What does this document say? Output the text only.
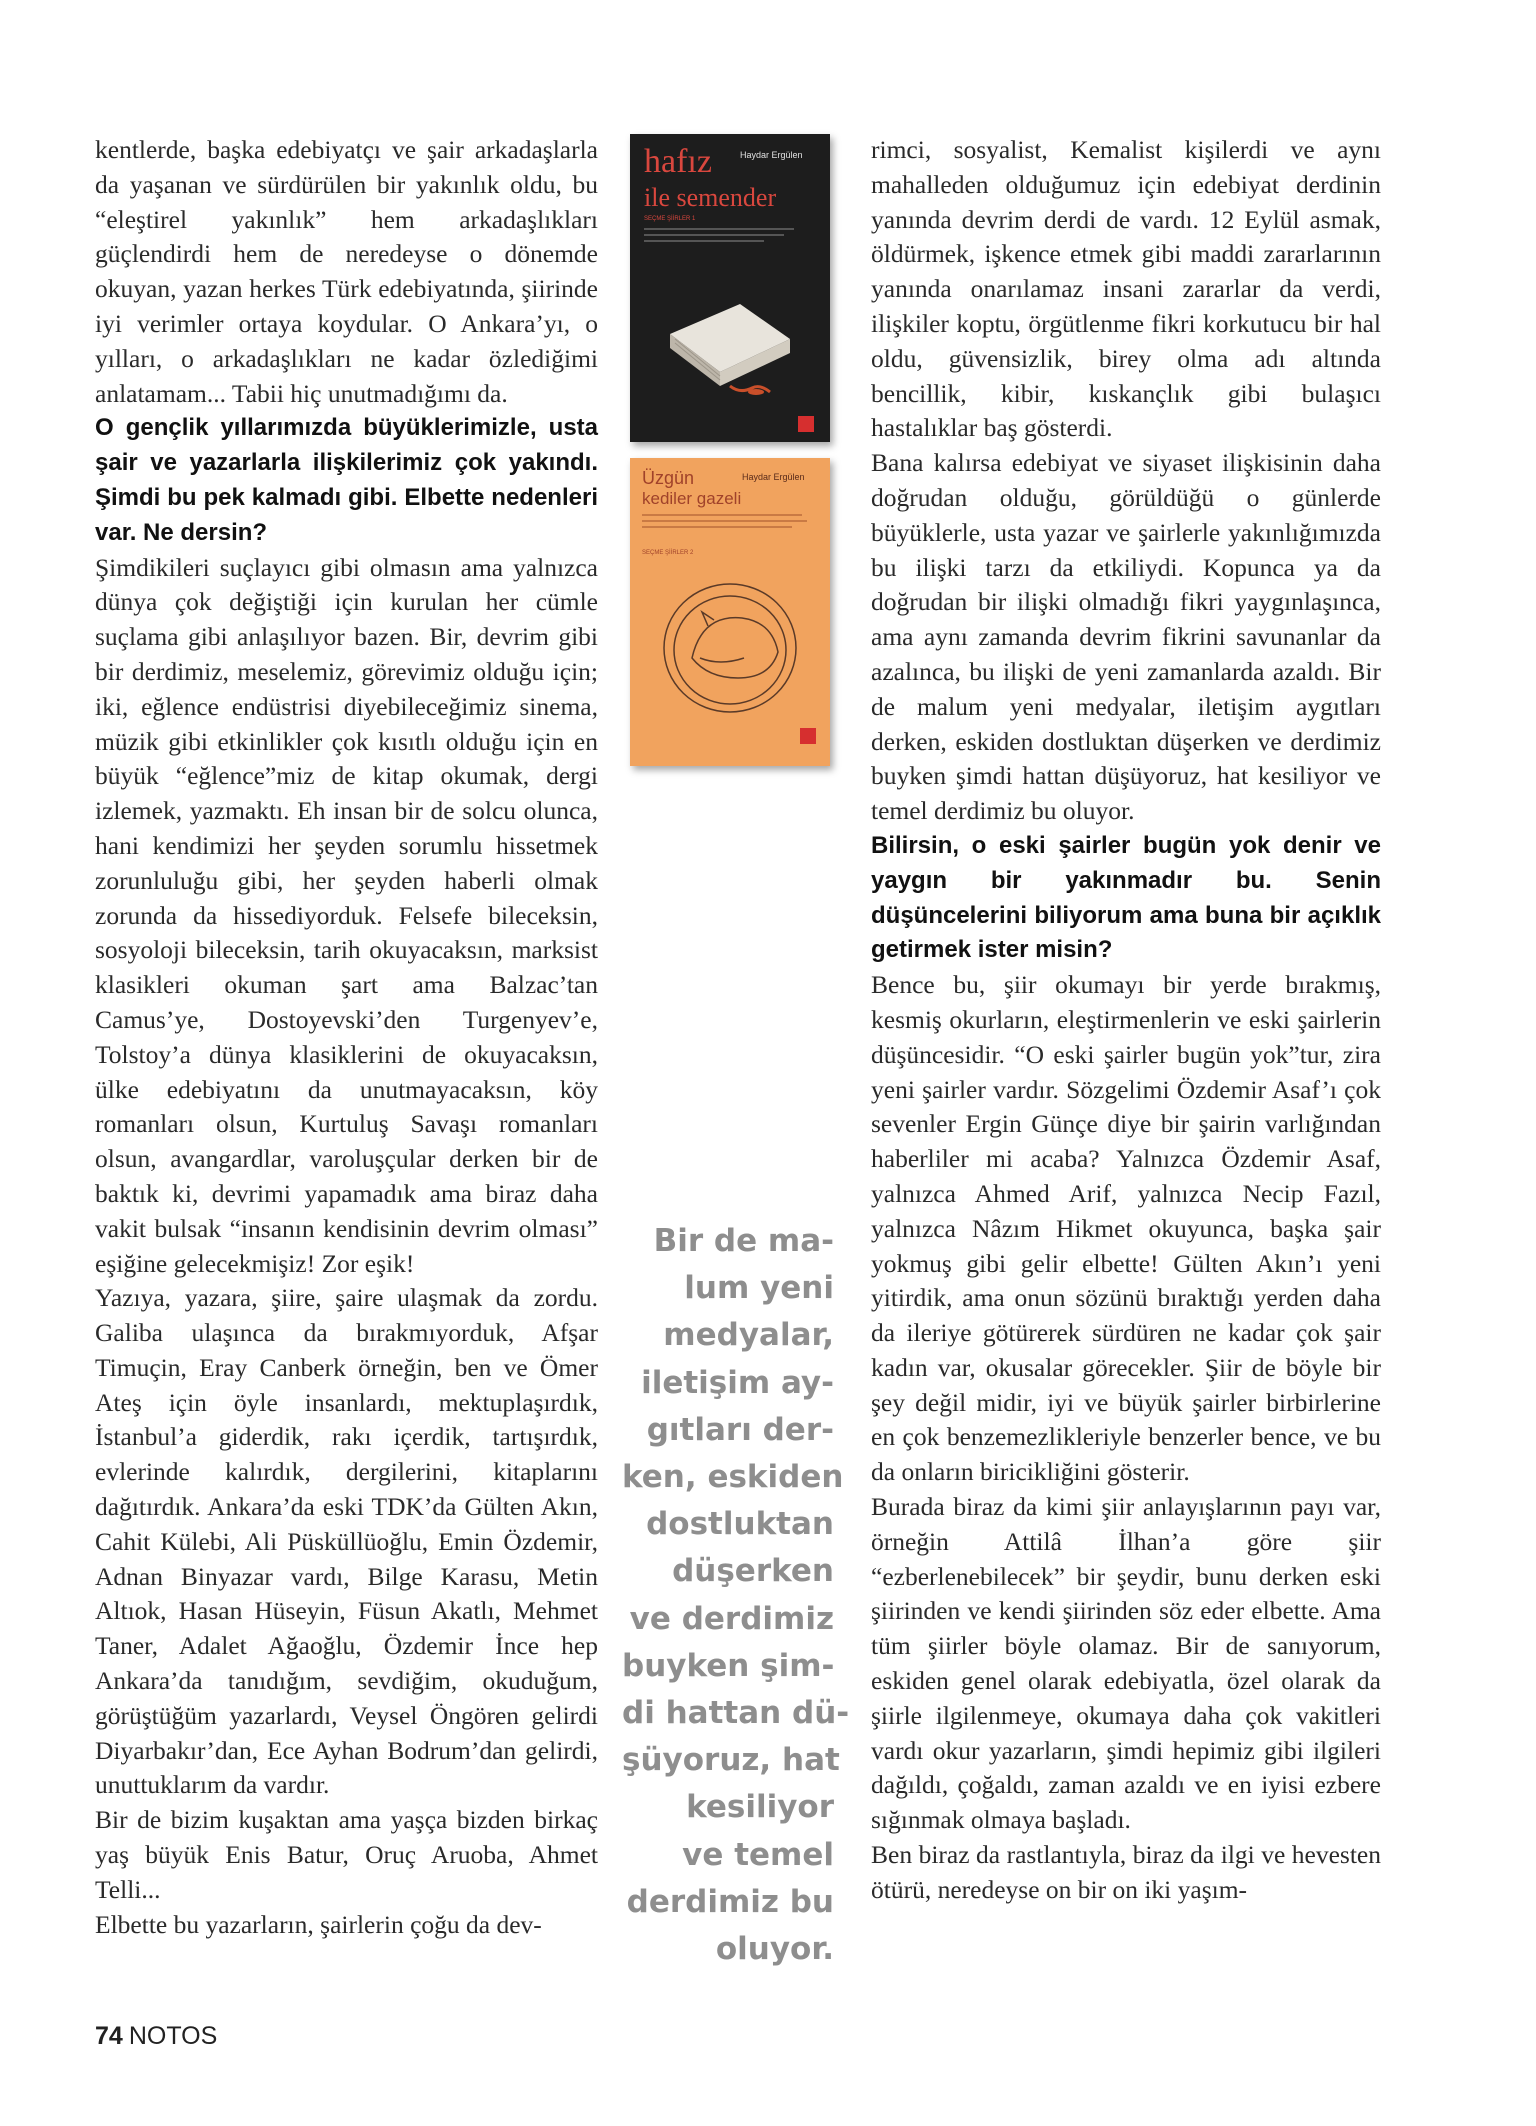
kentlerde, başka edebiyatçı ve şair arkadaşlarla da yaşanan ve sürdürülen bir yakınlık oldu, bu “eleştirel yakınlık” hem arkadaşlıkları güçlendirdi hem de neredeyse o dönemde okuyan, yazan herkes Türk edebiyatında, şiirinde iyi verimler ortaya koydular. O Ankara’yı, o yılları, o arkadaşlıkları ne kadar özlediğimi anlatamam... Tabii hiç unutmadığımı da.

O gençlik yıllarımızda büyüklerimizle, usta şair ve yazarlarla ilişkilerimiz çok yakındı. Şimdi bu pek kalmadı gibi. Elbette nedenleri var. Ne dersin?

Şimdikileri suçlayıcı gibi olmasın ama yalnızca dünya çok değiştiği için kurulan her cümle suçlama gibi anlaşılıyor bazen. Bir, devrim gibi bir derdimiz, meselemiz, görevimiz olduğu için; iki, eğlence endüstrisi diyebileceğimiz sinema, müzik gibi etkinlikler çok kısıtlı olduğu için en büyük “eğlence”miz de kitap okumak, dergi izlemek, yazmaktı. Eh insan bir de solcu olunca, hani kendimizi her şeyden sorumlu hissetmek zorunluluğu gibi, her şeyden haberli olmak zorunda da hissediyorduk. Felsefe bileceksin, sosyoloji bileceksin, tarih okuyacaksın, marksist klasikleri okuman şart ama Balzac’tan Camus’ye, Dostoyevski’den Turgenyev’e, Tolstoy’a dünya klasiklerini de okuyacaksın, ülke edebiyatını da unutmayacaksın, köy romanları olsun, Kurtuluş Savaşı romanları olsun, avangardlar, varoluşçular derken bir de baktık ki, devrimi yapamadık ama biraz daha vakit bulsak “insanın kendisinin devrim olması” eşiğine gelecekmişiz! Zor eşik!

Yazıya, yazara, şiire, şaire ulaşmak da zordu. Galiba ulaşınca da bırakmıyorduk, Afşar Timuçin, Eray Canberk örneğin, ben ve Ömer Ateş için öyle insanlardı, mektuplaşırdık, İstanbul’a giderdik, rakı içerdik, tartışırdık, evlerinde kalırdık, dergilerini, kitaplarını dağıtırdık. Ankara’da eski TDK’da Gülten Akın, Cahit Külebi, Ali Püsküllüoğlu, Emin Özdemir, Adnan Binyazar vardı, Bilge Karasu, Metin Altıok, Hasan Hüseyin, Füsun Akatlı, Mehmet Taner, Adalet Ağaoğlu, Özdemir İnce hep Ankara’da tanıdığım, sevdiğim, okuduğum, görüştüğüm yazarlardı, Veysel Öngören gelirdi Diyarbakır’dan, Ece Ayhan Bodrum’dan gelirdi, unuttuklarım da vardır.

Bir de bizim kuşaktan ama yaşça bizden birkaç yaş büyük Enis Batur, Oruç Aruoba, Ahmet Telli...

Elbette bu yazarların, şairlerin çoğu da dev-

hafız
ile semender
Haydar Ergülen
SEÇME ŞİİRLER 1
Üzgün
kediler gazeli
Haydar Ergülen
SEÇME ŞİİRLER 2
Bir de ma-
lum yeni
medyalar,
iletişim ay-
gıtları der-
ken, eskiden
dostluktan
düşerken
ve derdimiz
buyken şim-
di hattan dü-
şüyoruz, hat
kesiliyor
ve temel
derdimiz bu
oluyor.

rimci, sosyalist, Kemalist kişilerdi ve aynı mahalleden olduğumuz için edebiyat derdinin yanında devrim derdi de vardı. 12 Eylül asmak, öldürmek, işkence etmek gibi maddi zararlarının yanında onarılamaz insani zararlar da verdi, ilişkiler koptu, örgütlenme fikri korkutucu bir hal oldu, güvensizlik, birey olma adı altında bencillik, kibir, kıskançlık gibi bulaşıcı hastalıklar baş gösterdi.

Bana kalırsa edebiyat ve siyaset ilişkisinin daha doğrudan olduğu, görüldüğü o günlerde büyüklerle, usta yazar ve şairlerle yakınlığımızda bu ilişki tarzı da etkiliydi. Kopunca ya da doğrudan bir ilişki olmadığı fikri yaygınlaşınca, ama aynı zamanda devrim fikrini savunanlar da azalınca, bu ilişki de yeni zamanlarda azaldı. Bir de malum yeni medyalar, iletişim aygıtları derken, eskiden dostluktan düşerken ve derdimiz buyken şimdi hattan düşüyoruz, hat kesiliyor ve temel derdimiz bu oluyor.

Bilirsin, o eski şairler bugün yok denir ve yaygın bir yakınmadır bu. Senin düşüncelerini biliyorum ama buna bir açıklık getirmek ister misin?

Bence bu, şiir okumayı bir yerde bırakmış, kesmiş okurların, eleştirmenlerin ve eski şairlerin düşüncesidir. “O eski şairler bugün yok”tur, zira yeni şairler vardır. Sözgelimi Özdemir Asaf’ı çok sevenler Ergin Günçe diye bir şairin varlığından haberliler mi acaba? Yalnızca Özdemir Asaf, yalnızca Ahmed Arif, yalnızca Necip Fazıl, yalnızca Nâzım Hikmet okuyunca, başka şair yokmuş gibi gelir elbette! Gülten Akın’ı yeni yitirdik, ama onun sözünü bıraktığı yerden daha da ileriye götürerek sürdüren ne kadar çok şair kadın var, okusalar görecekler. Şiir de böyle bir şey değil midir, iyi ve büyük şairler birbirlerine en çok benzemezlikleriyle benzerler bence, ve bu da onların biricikliğini gösterir.

Burada biraz da kimi şiir anlayışlarının payı var, örneğin Attilâ İlhan’a göre şiir “ezberlenebilecek” bir şeydir, bunu derken eski şiirinden ve kendi şiirinden söz eder elbette. Ama tüm şiirler böyle olamaz. Bir de sanıyorum, eskiden genel olarak edebiyatla, özel olarak da şiirle ilgilenmeye, okumaya daha çok vakitleri vardı okur yazarların, şimdi hepimiz gibi ilgileri dağıldı, çoğaldı, zaman azaldı ve en iyisi ezbere sığınmak olmaya başladı.

Ben biraz da rastlantıyla, biraz da ilgi ve hevesten ötürü, neredeyse on bir on iki yaşım-

74 NOTOS
